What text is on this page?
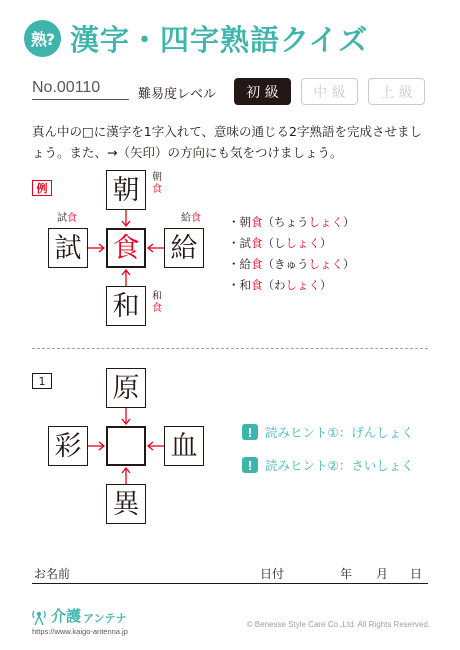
熟? 漢字・四字熟語クイズ
No.00110	難易度レベル	初 級	中 級	上 級
真ん中の□に漢字を1字入れて、意味の通じる2字熟語を完成させましょう。また、→（矢印）の方向にも気をつけましょう。
例 朝
試 食 給
和
朝
食
試食	給食
和
食
・朝食（ちょうしょく）
・試食（ししょく）
・給食（きゅうしょく）
・和食（わしょく）
1 原
彩	血
異
!	読みヒント①：げんしょく
!	読みヒント②：さいしょく
お名前	日付	年 月 日
介護 アンテナ
https://www.kaigo-antenna.jp
© Benesse Style Care Co.,Ltd. All Rights Reserved.
